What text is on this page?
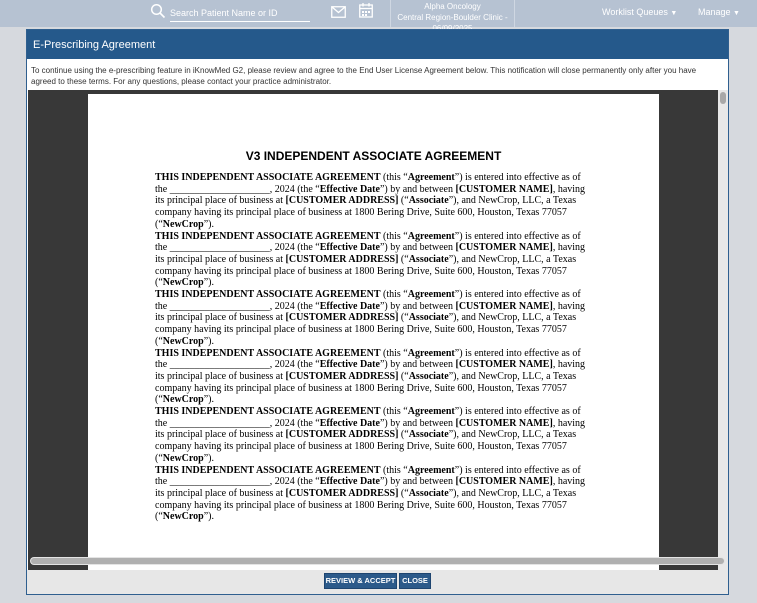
Search Patient Name or ID
Alpha Oncology
Central Region-Boulder Clinic -
Worklist Queues ▼ Manage ▼
E-Prescribing Agreement
To continue using the e-prescribing feature in iKnowMed G2, please review and agree to the End User License Agreement below. This notification will close permanently only after you have agreed to these terms. For any questions, please contact your practice administrator.
V3 INDEPENDENT ASSOCIATE AGREEMENT
THIS INDEPENDENT ASSOCIATE AGREEMENT (this “Agreement”) is entered into effective as of the ____________________, 2024 (the “Effective Date”) by and between [CUSTOMER NAME], having its principal place of business at [CUSTOMER ADDRESS] (“Associate”), and NewCrop, LLC, a Texas company having its principal place of business at 1800 Bering Drive, Suite 600, Houston, Texas 77057 (“NewCrop”).
THIS INDEPENDENT ASSOCIATE AGREEMENT (this “Agreement”) is entered into effective as of the ____________________, 2024 (the “Effective Date”) by and between [CUSTOMER NAME], having its principal place of business at [CUSTOMER ADDRESS] (“Associate”), and NewCrop, LLC, a Texas company having its principal place of business at 1800 Bering Drive, Suite 600, Houston, Texas 77057 (“NewCrop”).
THIS INDEPENDENT ASSOCIATE AGREEMENT (this “Agreement”) is entered into effective as of the ____________________, 2024 (the “Effective Date”) by and between [CUSTOMER NAME], having its principal place of business at [CUSTOMER ADDRESS] (“Associate”), and NewCrop, LLC, a Texas company having its principal place of business at 1800 Bering Drive, Suite 600, Houston, Texas 77057 (“NewCrop”).
THIS INDEPENDENT ASSOCIATE AGREEMENT (this “Agreement”) is entered into effective as of the ____________________, 2024 (the “Effective Date”) by and between [CUSTOMER NAME], having its principal place of business at [CUSTOMER ADDRESS] (“Associate”), and NewCrop, LLC, a Texas company having its principal place of business at 1800 Bering Drive, Suite 600, Houston, Texas 77057 (“NewCrop”).
THIS INDEPENDENT ASSOCIATE AGREEMENT (this “Agreement”) is entered into effective as of the ____________________, 2024 (the “Effective Date”) by and between [CUSTOMER NAME], having its principal place of business at [CUSTOMER ADDRESS] (“Associate”), and NewCrop, LLC, a Texas company having its principal place of business at 1800 Bering Drive, Suite 600, Houston, Texas 77057 (“NewCrop”).
THIS INDEPENDENT ASSOCIATE AGREEMENT (this “Agreement”) is entered into effective as of the ____________________, 2024 (the “Effective Date”) by and between [CUSTOMER NAME], having its principal place of business at [CUSTOMER ADDRESS] (“Associate”), and NewCrop, LLC, a Texas company having its principal place of business at 1800 Bering Drive, Suite 600, Houston, Texas 77057 (“NewCrop”).
REVIEW & ACCEPT CLOSE
